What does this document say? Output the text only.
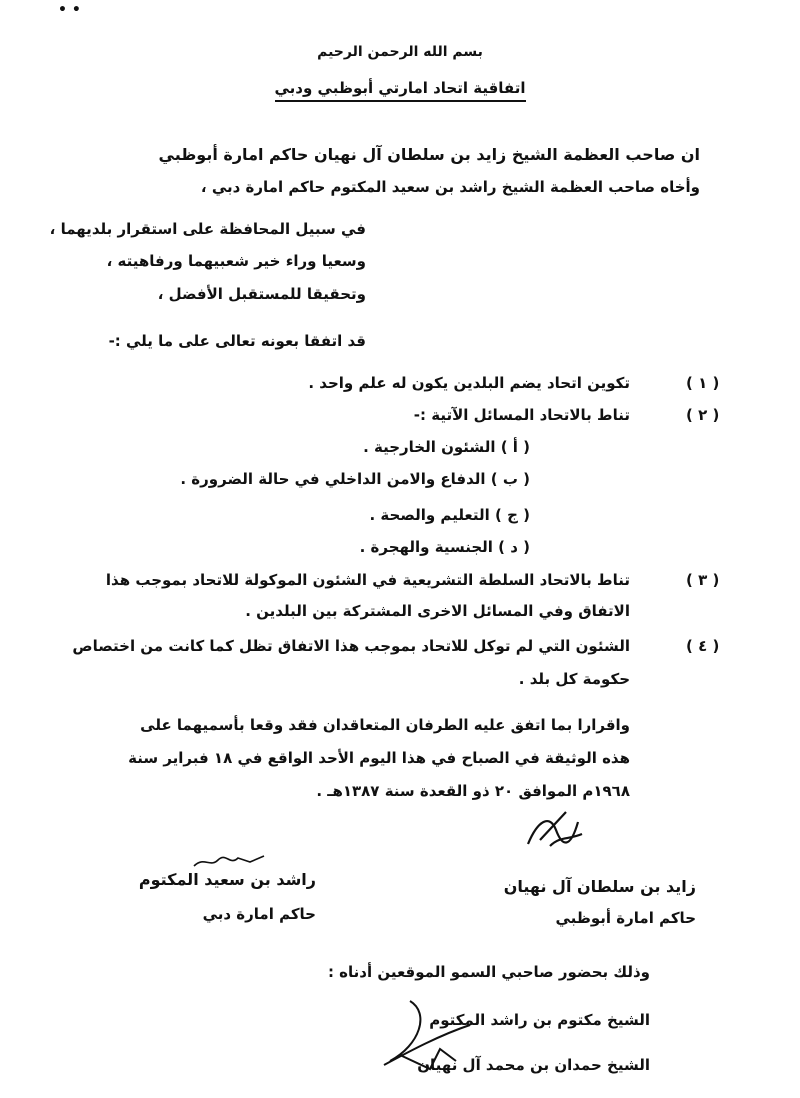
• •
بسم الله الرحمن الرحيم
اتفاقية اتحاد امارتي أبوظبي ودبي
ان صاحب العظمة الشيخ زايد بن سلطان آل نهيان حاكم امارة أبوظبي
وأخاه صاحب العظمة الشيخ راشد بن سعيد المكتوم حاكم امارة دبي ،
في سبيل المحافظة على استقرار بلديهما ،
وسعيا وراء خير شعبيهما ورفاهيته ،
وتحقيقا للمستقبل الأفضل ،
قد اتفقا بعونه تعالى على ما يلي :-
( ١ )
تكوين اتحاد يضم البلدين يكون له علم واحد .
( ٢ )
تناط بالاتحاد المسائل الآتية :-
( أ ) الشئون الخارجية .
( ب ) الدفاع والامن الداخلي في حالة الضرورة .
( ج ) التعليم والصحة .
( د ) الجنسية والهجرة .
( ٣ )
تناط بالاتحاد السلطة التشريعية في الشئون الموكولة للاتحاد بموجب هذا
الاتفاق وفي المسائل الاخرى المشتركة بين البلدين .
( ٤ )
الشئون التي لم توكل للاتحاد بموجب هذا الاتفاق تظل كما كانت من اختصاص
حكومة كل بلد .
واقرارا بما اتفق عليه الطرفان المتعاقدان فقد وقعا بأسميهما على
هذه الوثيقة في الصباح في هذا اليوم الأحد الواقع في ١٨ فبراير سنة
١٩٦٨م الموافق ٢٠ ذو القعدة سنة ١٣٨٧هـ .
راشد بن سعيد المكتوم
حاكم امارة دبي
زايد بن سلطان آل نهيان
حاكم امارة أبوظبي
وذلك بحضور صاحبي السمو الموقعين أدناه :
الشيخ مكتوم بن راشد المكتوم
الشيخ حمدان بن محمد آل نهيان
